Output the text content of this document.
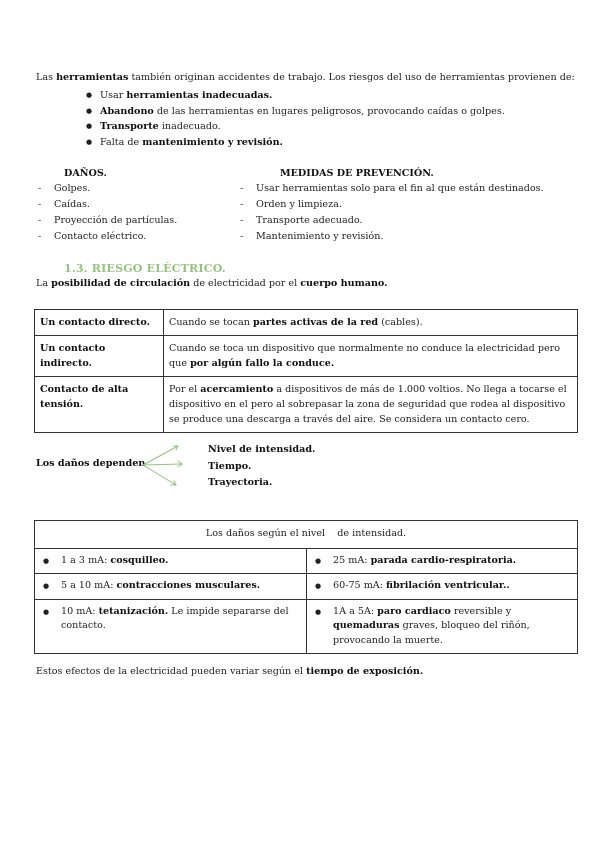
Las herramientas también originan accidentes de trabajo. Los riesgos del uso de herramientas provienen de:
● Usar herramientas inadecuadas.
● Abandono de las herramientas en lugares peligrosos, provocando caídas o golpes.
● Transporte inadecuado.
● Falta de mantenimiento y revisión.
DAÑOS.
- Golpes.
- Caídas.
- Proyección de partículas.
- Contacto eléctrico.
MEDIDAS DE PREVENCIÓN.
- Usar herramientas solo para el fin al que están destinados.
- Orden y limpieza.
- Transporte adecuado.
- Mantenimiento y revisión.
1.3. RIESGO ELÉCTRICO.
La posibilidad de circulación de electricidad por el cuerpo humano.
Un contacto directo.	Cuando se tocan partes activas de la red (cables).
Un contacto indirecto.	Cuando se toca un dispositivo que normalmente no conduce la electricidad pero que por algún fallo la conduce.
Contacto de alta tensión.	Por el acercamiento a dispositivos de más de 1.000 voltios. No llega a tocarse el dispositivo en el pero al sobrepasar la zona de seguridad que rodea al dispositivo se produce una descarga a través del aire. Se considera un contacto cero.
Los daños dependen
Nivel de intensidad.
Tiempo.
Trayectoria.
Los daños según el nivel    de intensidad.	

● 1 a 3 mA: cosquilleo.	● 25 mA: parada cardio-respiratoria.

● 5 a 10 mA: contracciones musculares.	● 60-75 mA: fibrilación ventricular..

● 10 mA: tetanización. Le impide separarse del contacto.	● 1A a 5A: paro cardiaco reversible y quemaduras graves, bloqueo del riñón, provocando la muerte.
Estos efectos de la electricidad pueden variar según el tiempo de exposición.
